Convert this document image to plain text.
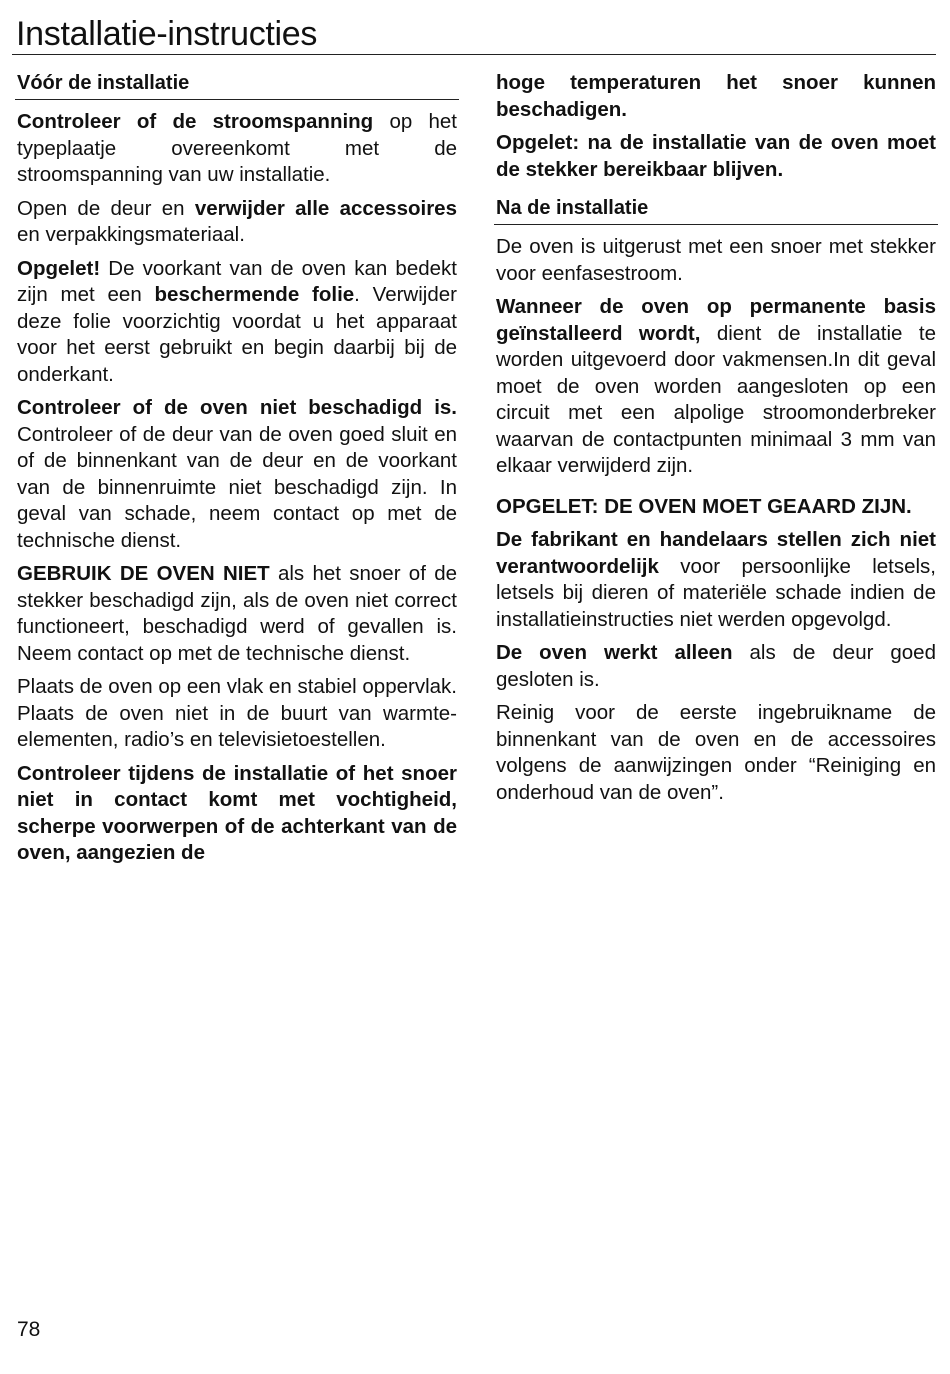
Installatie-instructies
Vóór de installatie

Controleer of de stroomspanning op het typeplaatje overeenkomt met de stroomspanning van uw installatie.

Open de deur en verwijder alle accessoires en verpakkingsmateriaal.

Opgelet! De voorkant van de oven kan bedekt zijn met een beschermende folie. Verwijder deze folie voorzichtig voordat u het apparaat voor het eerst gebruikt en begin daarbij bij de onderkant.

Controleer of de oven niet beschadigd is. Controleer of de deur van de oven goed sluit en of de binnenkant van de deur en de voorkant van de binnenruimte niet beschadigd zijn. In geval van schade, neem contact op met de technische dienst.

GEBRUIK DE OVEN NIET als het snoer of de stekker beschadigd zijn, als de oven niet correct functioneert, beschadigd werd of gevallen is. Neem contact op met de technische dienst.

Plaats de oven op een vlak en stabiel oppervlak. Plaats de oven niet in de buurt van warmte- elementen, radio’s en televisietoestellen.

Controleer tijdens de installatie of het snoer niet in contact komt met vochtigheid, scherpe voorwerpen of de achterkant van de oven, aangezien de

hoge temperaturen het snoer kunnen beschadigen.

Opgelet: na de installatie van de oven moet de stekker bereikbaar blijven.

Na de installatie

De oven is uitgerust met een snoer met stekker voor eenfasestroom.

Wanneer de oven op permanente basis geïnstalleerd wordt, dient de installatie te worden uitgevoerd door vakmensen.In dit geval moet de oven worden aangesloten op een circuit met een alpolige stroomonderbreker waarvan de contactpunten minimaal 3 mm van elkaar verwijderd zijn.

OPGELET: DE OVEN MOET GEAARD ZIJN.

De fabrikant en handelaars stellen zich niet verantwoordelijk voor persoonlijke letsels, letsels bij dieren of materiële schade indien de installatieinstructies niet werden opgevolgd.

De oven werkt alleen als de deur goed gesloten is.

Reinig voor de eerste ingebruikname de binnenkant van de oven en de accessoires volgens de aanwijzingen onder “Reiniging en onderhoud van de oven”.

78
